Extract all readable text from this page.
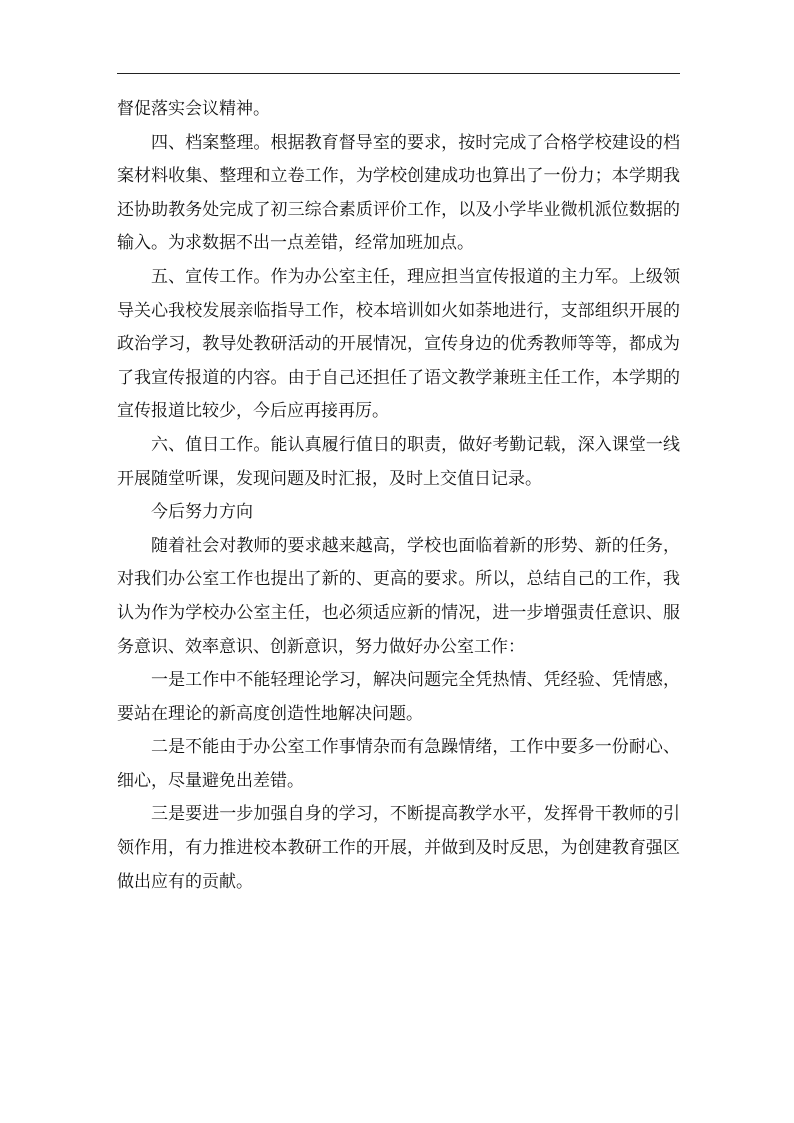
督促落实会议精神。

四、档案整理。根据教育督导室的要求，按时完成了合格学校建设的档案材料收集、整理和立卷工作，为学校创建成功也算出了一份力；本学期我还协助教务处完成了初三综合素质评价工作，以及小学毕业微机派位数据的输入。为求数据不出一点差错，经常加班加点。

五、宣传工作。作为办公室主任，理应担当宣传报道的主力军。上级领导关心我校发展亲临指导工作，校本培训如火如荼地进行，支部组织开展的政治学习，教导处教研活动的开展情况，宣传身边的优秀教师等等，都成为了我宣传报道的内容。由于自己还担任了语文教学兼班主任工作，本学期的宣传报道比较少，今后应再接再厉。

六、值日工作。能认真履行值日的职责，做好考勤记载，深入课堂一线开展随堂听课，发现问题及时汇报，及时上交值日记录。

今后努力方向

随着社会对教师的要求越来越高，学校也面临着新的形势、新的任务，对我们办公室工作也提出了新的、更高的要求。所以，总结自己的工作，我认为作为学校办公室主任，也必须适应新的情况，进一步增强责任意识、服务意识、效率意识、创新意识，努力做好办公室工作：

一是工作中不能轻理论学习，解决问题完全凭热情、凭经验、凭情感，要站在理论的新高度创造性地解决问题。

二是不能由于办公室工作事情杂而有急躁情绪，工作中要多一份耐心、细心，尽量避免出差错。

三是要进一步加强自身的学习，不断提高教学水平，发挥骨干教师的引领作用，有力推进校本教研工作的开展，并做到及时反思，为创建教育强区做出应有的贡献。
